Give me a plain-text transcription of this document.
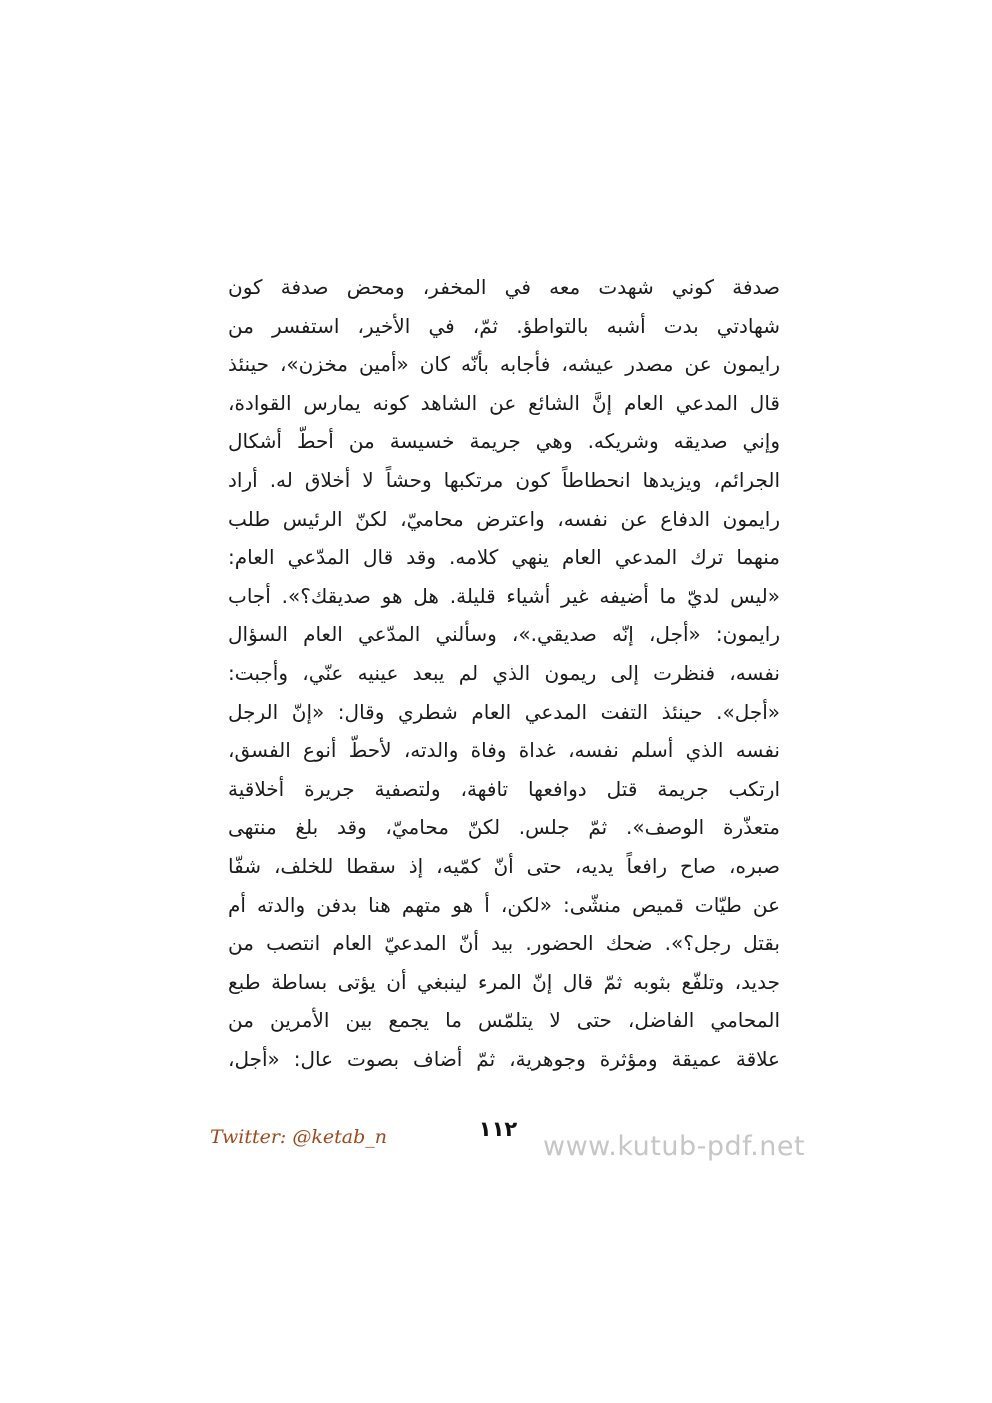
صدفة كوني شهدت معه في المخفر، ومحض صدفة كون
شهادتي بدت أشبه بالتواطؤ. ثمّ، في الأخير، استفسر من
رايمون عن مصدر عيشه، فأجابه بأنّه كان «أمين مخزن»، حينئذ
قال المدعي العام إنَّ الشائع عن الشاهد كونه يمارس القوادة،
وإني صديقه وشريكه. وهي جريمة خسيسة من أحطّ أشكال
الجرائم، ويزيدها انحطاطاً كون مرتكبها وحشاً لا أخلاق له. أراد
رايمون الدفاع عن نفسه، واعترض محاميّ، لكنّ الرئيس طلب
منهما ترك المدعي العام ينهي كلامه. وقد قال المدّعي العام:
«ليس لديّ ما أضيفه غير أشياء قليلة. هل هو صديقك؟». أجاب
رايمون: «أجل، إنّه صديقي.»، وسألني المدّعي العام السؤال
نفسه، فنظرت إلى ريمون الذي لم يبعد عينيه عنّي، وأجبت:
«أجل». حينئذ التفت المدعي العام شطري وقال: «إنّ الرجل
نفسه الذي أسلم نفسه، غداة وفاة والدته، لأحطّ أنوع الفسق،
ارتكب جريمة قتل دوافعها تافهة، ولتصفية جريرة أخلاقية
متعذّرة الوصف». ثمّ جلس. لكنّ محاميّ، وقد بلغ منتهى
صبره، صاح رافعاً يديه، حتى أنّ كمّيه، إذ سقطا للخلف، شفّا
عن طيّات قميص منشّى: «لكن، أ هو متهم هنا بدفن والدته أم
بقتل رجل؟». ضحك الحضور. بيد أنّ المدعيّ العام انتصب من
جديد، وتلفّع بثوبه ثمّ قال إنّ المرء لينبغي أن يؤتى بساطة طبع
المحامي الفاضل، حتى لا يتلمّس ما يجمع بين الأمرين من
علاقة عميقة ومؤثرة وجوهرية، ثمّ أضاف بصوت عال: «أجل،
Twitter: @ketab_n	١١٢
www.kutub-pdf.net
